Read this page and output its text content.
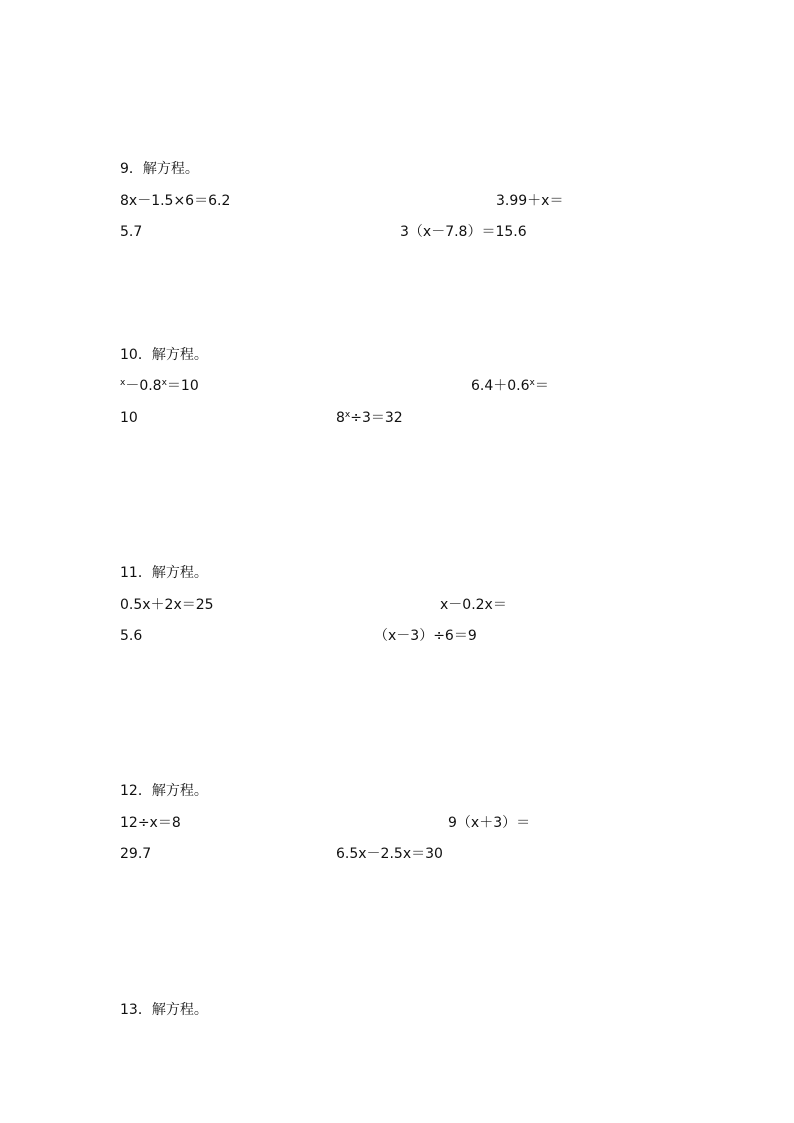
9．解方程。
8x－1.5×6＝6.2	3.99＋x＝
5.7	3（x－7.8）＝15.6
10．解方程。
$^x-0.8^x=10$	$6.4+0.6^x=$
10	$8^x\div 3=32$
11．解方程。
0.5x＋2x＝25	x－0.2x＝
5.6	（x－3）÷6＝9
12．解方程。
12÷x＝8	9（x＋3）＝
29.7	6.5x－2.5x＝30
13．解方程。
